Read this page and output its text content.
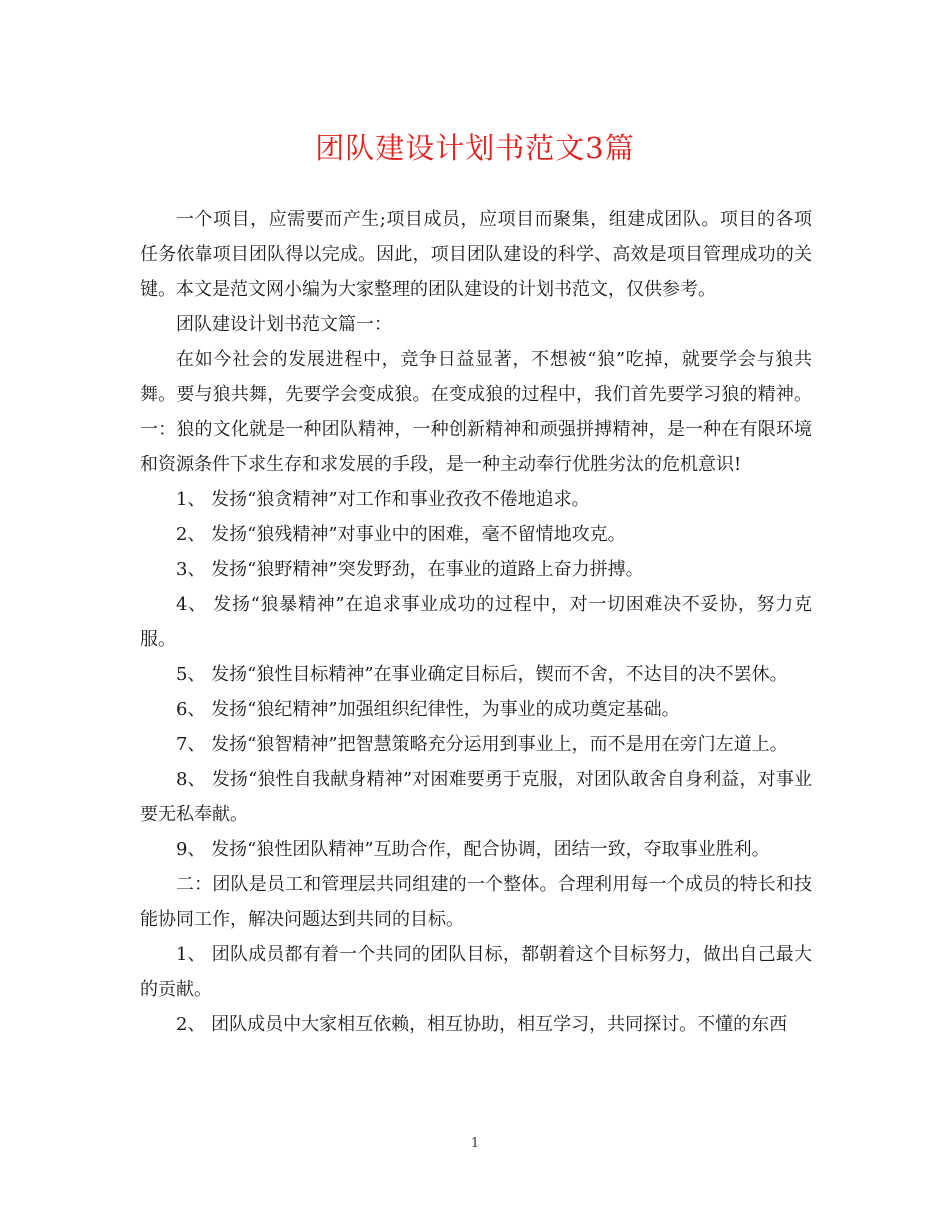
团队建设计划书范文3篇

一个项目，应需要而产生;项目成员，应项目而聚集，组建成团队。项目的各项任务依靠项目团队得以完成。因此，项目团队建设的科学、高效是项目管理成功的关键。本文是范文网小编为大家整理的团队建设的计划书范文，仅供参考。

团队建设计划书范文篇一：

在如今社会的发展进程中，竞争日益显著，不想被“狼”吃掉，就要学会与狼共舞。要与狼共舞，先要学会变成狼。在变成狼的过程中，我们首先要学习狼的精神。 一：狼的文化就是一种团队精神，一种创新精神和顽强拼搏精神，是一种在有限环境和资源条件下求生存和求发展的手段，是一种主动奉行优胜劣汰的危机意识!

1、 发扬“狼贪精神”对工作和事业孜孜不倦地追求。

2、 发扬“狼残精神”对事业中的困难，毫不留情地攻克。

3、 发扬“狼野精神”突发野劲，在事业的道路上奋力拼搏。

4、 发扬“狼暴精神”在追求事业成功的过程中，对一切困难决不妥协，努力克服。

5、 发扬“狼性目标精神”在事业确定目标后，锲而不舍，不达目的决不罢休。

6、 发扬“狼纪精神”加强组织纪律性，为事业的成功奠定基础。

7、 发扬“狼智精神”把智慧策略充分运用到事业上，而不是用在旁门左道上。

8、 发扬“狼性自我献身精神”对困难要勇于克服，对团队敢舍自身利益，对事业要无私奉献。

9、 发扬“狼性团队精神”互助合作，配合协调，团结一致，夺取事业胜利。

二：团队是员工和管理层共同组建的一个整体。合理利用每一个成员的特长和技能协同工作，解决问题达到共同的目标。

1、 团队成员都有着一个共同的团队目标，都朝着这个目标努力，做出自己最大的贡献。

2、 团队成员中大家相互依赖，相互协助，相互学习，共同探讨。不懂的东西

1
